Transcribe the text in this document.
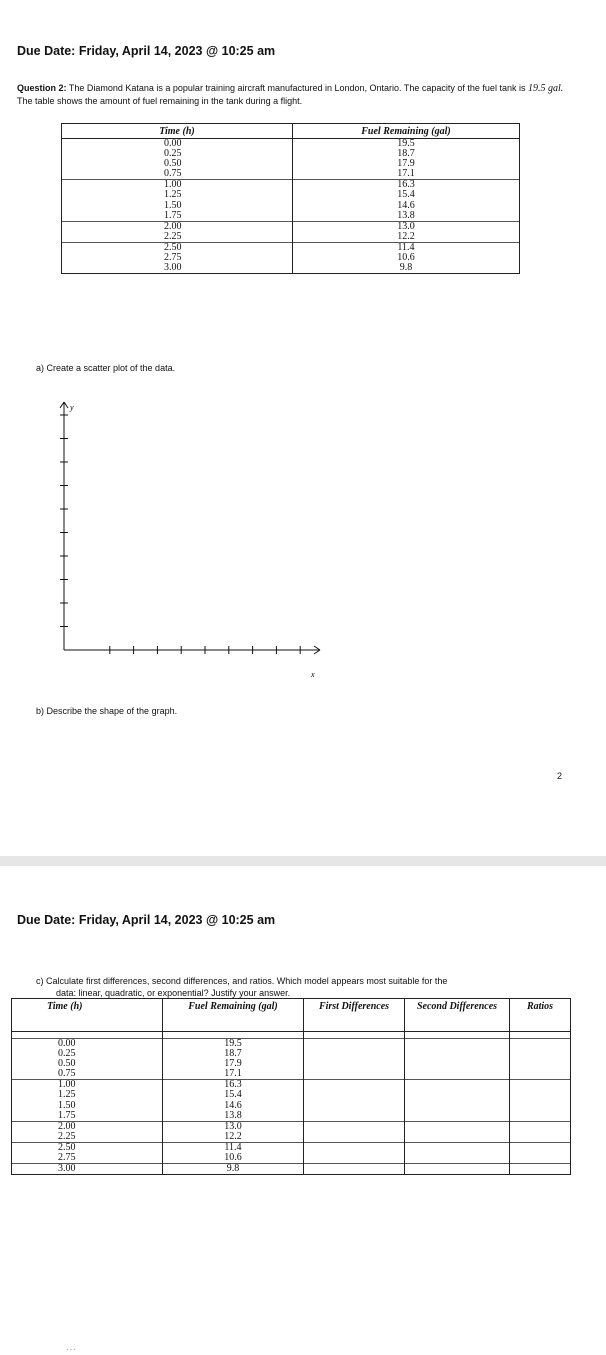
Due Date: Friday, April 14, 2023 @ 10:25 am
Question 2: The Diamond Katana is a popular training aircraft manufactured in London, Ontario. The capacity of the fuel tank is 19.5 gal. The table shows the amount of fuel remaining in the tank during a flight.
Time (h)	Fuel Remaining (gal)
0.00	19.5
0.25	18.7
0.50	17.9
0.75	17.1
1.00	16.3
1.25	15.4
1.50	14.6
1.75	13.8
2.00	13.0
2.25	12.2
2.50	11.4
2.75	10.6
3.00	9.8
a) Create a scatter plot of the data.
y
x
b) Describe the shape of the graph.
2
Due Date: Friday, April 14, 2023 @ 10:25 am
c) Calculate first differences, second differences, and ratios. Which model appears most suitable for the
data: linear, quadratic, or exponential? Justify your answer.
Time (h)	Fuel Remaining (gal)	First Differences	Second Differences	Ratios

0.00	19.5			
0.25	18.7			
0.50	17.9			
0.75	17.1			
1.00	16.3			
1.25	15.4			
1.50	14.6			
1.75	13.8			
2.00	13.0			
2.25	12.2			
2.50	11.4			
2.75	10.6			
3.00	9.8			
···
